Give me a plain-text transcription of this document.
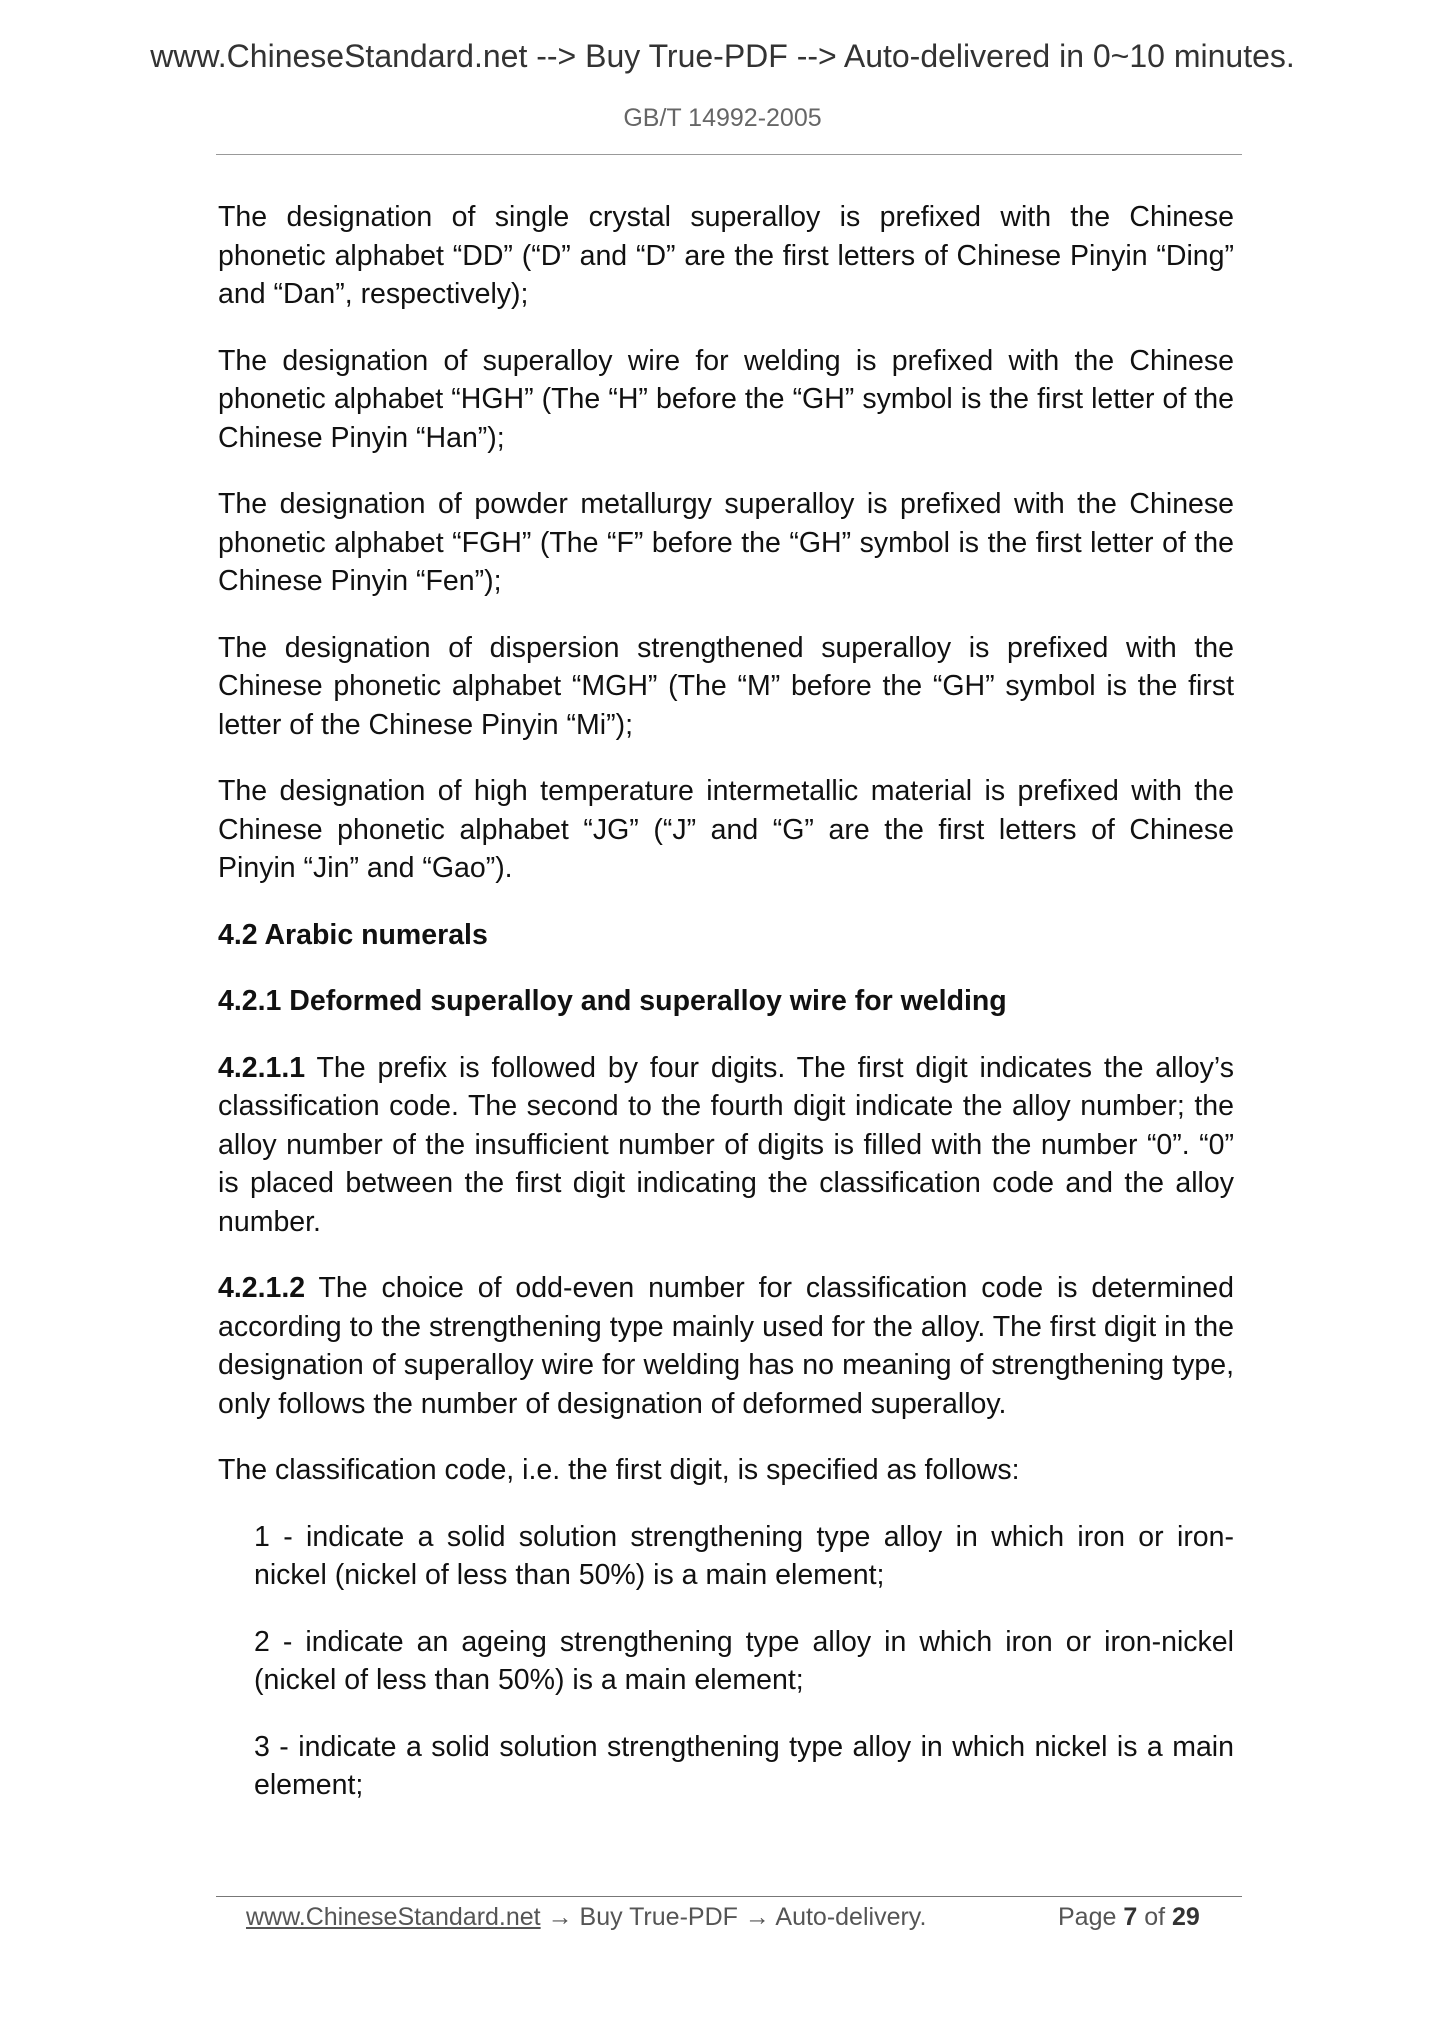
www.ChineseStandard.net --> Buy True-PDF --> Auto-delivered in 0~10 minutes.
GB/T 14992-2005

The designation of single crystal superalloy is prefixed with the Chinese phonetic alphabet “DD” (“D” and “D” are the first letters of Chinese Pinyin “Ding” and “Dan”, respectively);

The designation of superalloy wire for welding is prefixed with the Chinese phonetic alphabet “HGH” (The “H” before the “GH” symbol is the first letter of the Chinese Pinyin “Han”);

The designation of powder metallurgy superalloy is prefixed with the Chinese phonetic alphabet “FGH” (The “F” before the “GH” symbol is the first letter of the Chinese Pinyin “Fen”);

The designation of dispersion strengthened superalloy is prefixed with the Chinese phonetic alphabet “MGH” (The “M” before the “GH” symbol is the first letter of the Chinese Pinyin “Mi”);

The designation of high temperature intermetallic material is prefixed with the Chinese phonetic alphabet “JG” (“J” and “G” are the first letters of Chinese Pinyin “Jin” and “Gao”).

4.2 Arabic numerals

4.2.1 Deformed superalloy and superalloy wire for welding

4.2.1.1 The prefix is followed by four digits. The first digit indicates the alloy’s classification code. The second to the fourth digit indicate the alloy number; the alloy number of the insufficient number of digits is filled with the number “0”. “0” is placed between the first digit indicating the classification code and the alloy number.

4.2.1.2 The choice of odd-even number for classification code is determined according to the strengthening type mainly used for the alloy. The first digit in the designation of superalloy wire for welding has no meaning of strengthening type, only follows the number of designation of deformed superalloy.

The classification code, i.e. the first digit, is specified as follows:

1 - indicate a solid solution strengthening type alloy in which iron or iron-nickel (nickel of less than 50%) is a main element;

2 - indicate an ageing strengthening type alloy in which iron or iron-nickel (nickel of less than 50%) is a main element;

3 - indicate a solid solution strengthening type alloy in which nickel is a main element;

www.ChineseStandard.net → Buy True-PDF → Auto-delivery.	Page 7 of 29
